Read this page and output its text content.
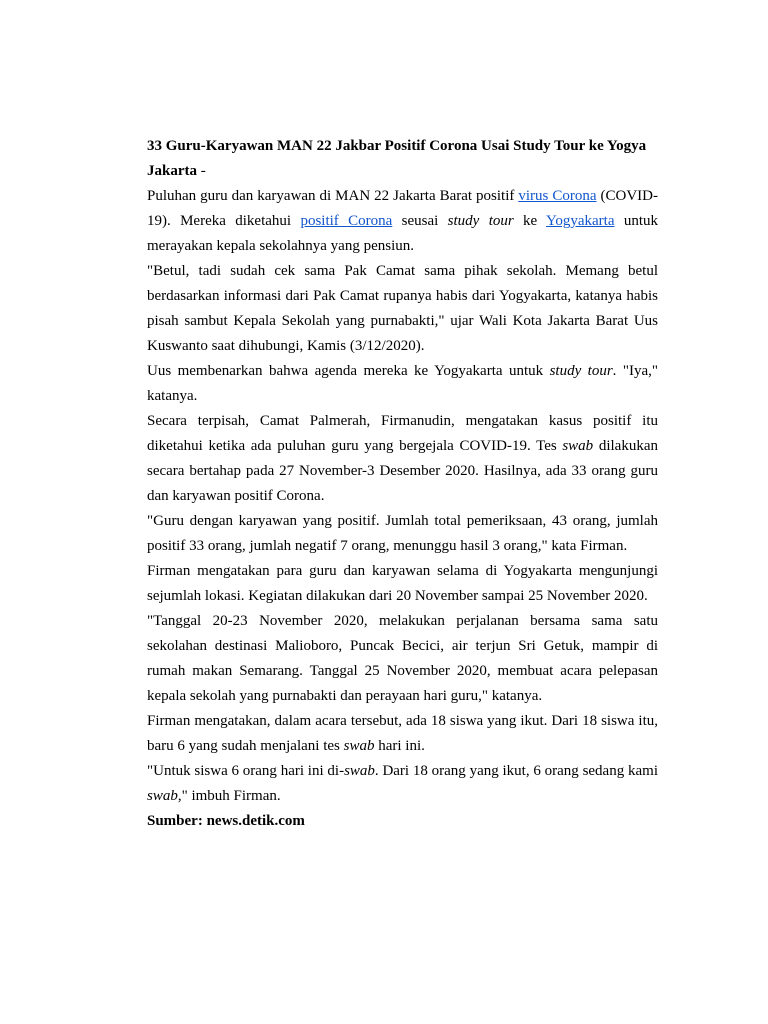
33 Guru-Karyawan MAN 22 Jakbar Positif Corona Usai Study Tour ke Yogya

Jakarta -

Puluhan guru dan karyawan di MAN 22 Jakarta Barat positif virus Corona (COVID-19). Mereka diketahui positif Corona seusai study tour ke Yogyakarta untuk merayakan kepala sekolahnya yang pensiun.

"Betul, tadi sudah cek sama Pak Camat sama pihak sekolah. Memang betul berdasarkan informasi dari Pak Camat rupanya habis dari Yogyakarta, katanya habis pisah sambut Kepala Sekolah yang purnabakti," ujar Wali Kota Jakarta Barat Uus Kuswanto saat dihubungi, Kamis (3/12/2020).

Uus membenarkan bahwa agenda mereka ke Yogyakarta untuk study tour. "Iya," katanya.

Secara terpisah, Camat Palmerah, Firmanudin, mengatakan kasus positif itu diketahui ketika ada puluhan guru yang bergejala COVID-19. Tes swab dilakukan secara bertahap pada 27 November-3 Desember 2020. Hasilnya, ada 33 orang guru dan karyawan positif Corona.

"Guru dengan karyawan yang positif. Jumlah total pemeriksaan, 43 orang, jumlah positif 33 orang, jumlah negatif 7 orang, menunggu hasil 3 orang," kata Firman.

Firman mengatakan para guru dan karyawan selama di Yogyakarta mengunjungi sejumlah lokasi. Kegiatan dilakukan dari 20 November sampai 25 November 2020.

"Tanggal 20-23 November 2020, melakukan perjalanan bersama sama satu sekolahan destinasi Malioboro, Puncak Becici, air terjun Sri Getuk, mampir di rumah makan Semarang. Tanggal 25 November 2020, membuat acara pelepasan kepala sekolah yang purnabakti dan perayaan hari guru," katanya.

Firman mengatakan, dalam acara tersebut, ada 18 siswa yang ikut. Dari 18 siswa itu, baru 6 yang sudah menjalani tes swab hari ini.

"Untuk siswa 6 orang hari ini di-swab. Dari 18 orang yang ikut, 6 orang sedang kami swab," imbuh Firman.

Sumber: news.detik.com
